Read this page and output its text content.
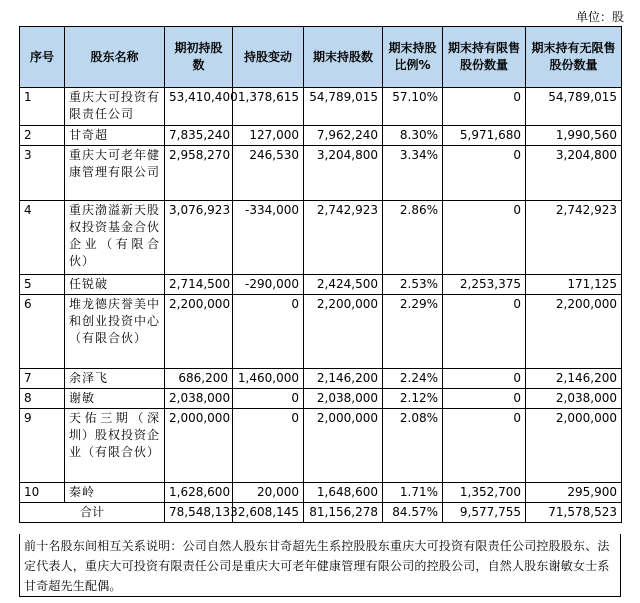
单位：股
序号	股东名称	期初持股数	持股变动	期末持股数	期末持股比例%	期末持有限售股份数量	期末持有无限售股份数量
1	重庆大可投资有限责任公司	53,410,400	1,378,615	54,789,015	57.10%	0	54,789,015
2	甘奇超	7,835,240	127,000	7,962,240	8.30%	5,971,680	1,990,560
3	重庆大可老年健康管理有限公司	2,958,270	246,530	3,204,800	3.34%	0	3,204,800
4	重庆渤溢新天股权投资基金合伙企业（有限合伙）	3,076,923	-334,000	2,742,923	2.86%	0	2,742,923
5	任锐破	2,714,500	-290,000	2,424,500	2.53%	2,253,375	171,125
6	堆龙德庆誉美中和创业投资中心（有限合伙）	2,200,000	0	2,200,000	2.29%	0	2,200,000
7	余泽飞	686,200	1,460,000	2,146,200	2.24%	0	2,146,200
8	谢敏	2,038,000	0	2,038,000	2.12%	0	2,038,000
9	天佑三期（深圳）股权投资企业（有限合伙）	2,000,000	0	2,000,000	2.08%	0	2,000,000
10	秦岭	1,628,600	20,000	1,648,600	1.71%	1,352,700	295,900
合计		78,548,133	2,608,145	81,156,278	84.57%	9,577,755	71,578,523
前十名股东间相互关系说明：公司自然人股东甘奇超先生系控股股东重庆大可投资有限责任公司控股股东、法定代表人，重庆大可投资有限责任公司是重庆大可老年健康管理有限公司的控股公司，自然人股东谢敏女士系甘奇超先生配偶。
